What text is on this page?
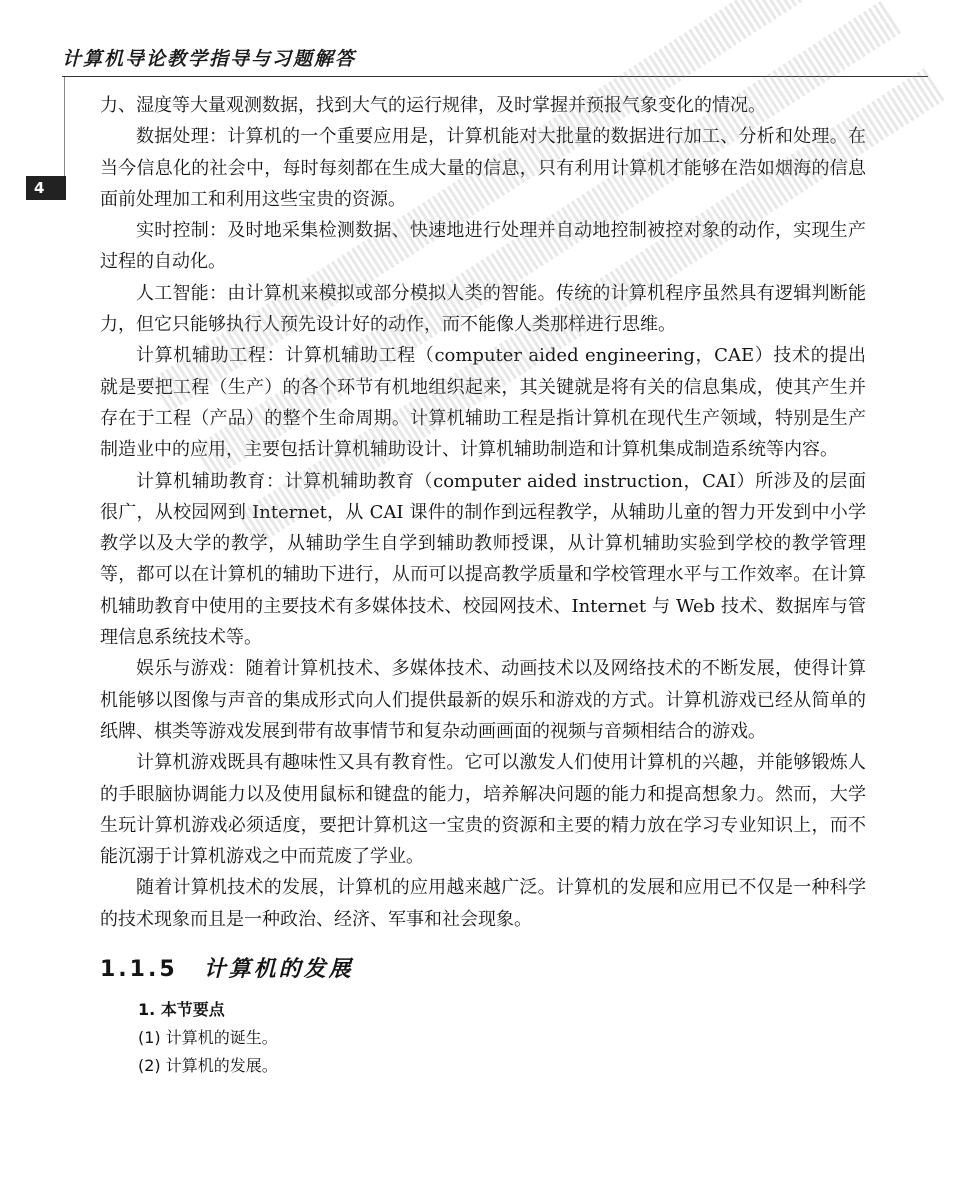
计算机导论教学指导与习题解答
4

力、湿度等大量观测数据，找到大气的运行规律，及时掌握并预报气象变化的情况。

数据处理：计算机的一个重要应用是，计算机能对大批量的数据进行加工、分析和处理。在当今信息化的社会中，每时每刻都在生成大量的信息，只有利用计算机才能够在浩如烟海的信息面前处理加工和利用这些宝贵的资源。

实时控制：及时地采集检测数据、快速地进行处理并自动地控制被控对象的动作，实现生产过程的自动化。

人工智能：由计算机来模拟或部分模拟人类的智能。传统的计算机程序虽然具有逻辑判断能力，但它只能够执行人预先设计好的动作，而不能像人类那样进行思维。

计算机辅助工程：计算机辅助工程（computer aided engineering，CAE）技术的提出就是要把工程（生产）的各个环节有机地组织起来，其关键就是将有关的信息集成，使其产生并存在于工程（产品）的整个生命周期。计算机辅助工程是指计算机在现代生产领域，特别是生产制造业中的应用，主要包括计算机辅助设计、计算机辅助制造和计算机集成制造系统等内容。

计算机辅助教育：计算机辅助教育（computer aided instruction，CAI）所涉及的层面很广，从校园网到 Internet，从 CAI 课件的制作到远程教学，从辅助儿童的智力开发到中小学教学以及大学的教学，从辅助学生自学到辅助教师授课，从计算机辅助实验到学校的教学管理等，都可以在计算机的辅助下进行，从而可以提高教学质量和学校管理水平与工作效率。在计算机辅助教育中使用的主要技术有多媒体技术、校园网技术、Internet 与 Web 技术、数据库与管理信息系统技术等。

娱乐与游戏：随着计算机技术、多媒体技术、动画技术以及网络技术的不断发展，使得计算机能够以图像与声音的集成形式向人们提供最新的娱乐和游戏的方式。计算机游戏已经从简单的纸牌、棋类等游戏发展到带有故事情节和复杂动画画面的视频与音频相结合的游戏。

计算机游戏既具有趣味性又具有教育性。它可以激发人们使用计算机的兴趣，并能够锻炼人的手眼脑协调能力以及使用鼠标和键盘的能力，培养解决问题的能力和提高想象力。然而，大学生玩计算机游戏必须适度，要把计算机这一宝贵的资源和主要的精力放在学习专业知识上，而不能沉溺于计算机游戏之中而荒废了学业。

随着计算机技术的发展，计算机的应用越来越广泛。计算机的发展和应用已不仅是一种科学的技术现象而且是一种政治、经济、军事和社会现象。

1.1.5 计算机的发展
1. 本节要点
(1) 计算机的诞生。
(2) 计算机的发展。
